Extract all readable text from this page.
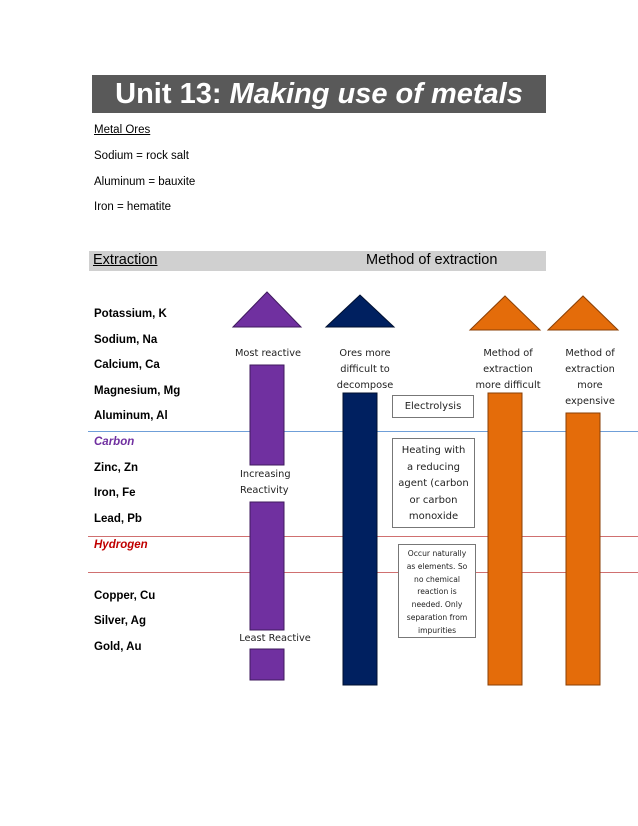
Unit 13: Making use of metals
Metal Ores
Sodium = rock salt
Aluminum = bauxite
Iron = hematite
Extraction	Method of extraction
Potassium, K
Sodium, Na
Calcium, Ca
Magnesium, Mg
Aluminum, Al
Carbon
Zinc, Zn
Iron, Fe
Lead, Pb
Hydrogen
Copper, Cu
Silver, Ag
Gold, Au
Most reactive
Increasing
Reactivity
Least Reactive
Ores more
difficult to
decompose
Method of
extraction
more difficult
Method of
extraction
more
expensive
Electrolysis
Heating with
a reducing
agent (carbon
or carbon
monoxide
Occur naturally
as elements. So
no chemical
reaction is
needed. Only
separation from
impurities
